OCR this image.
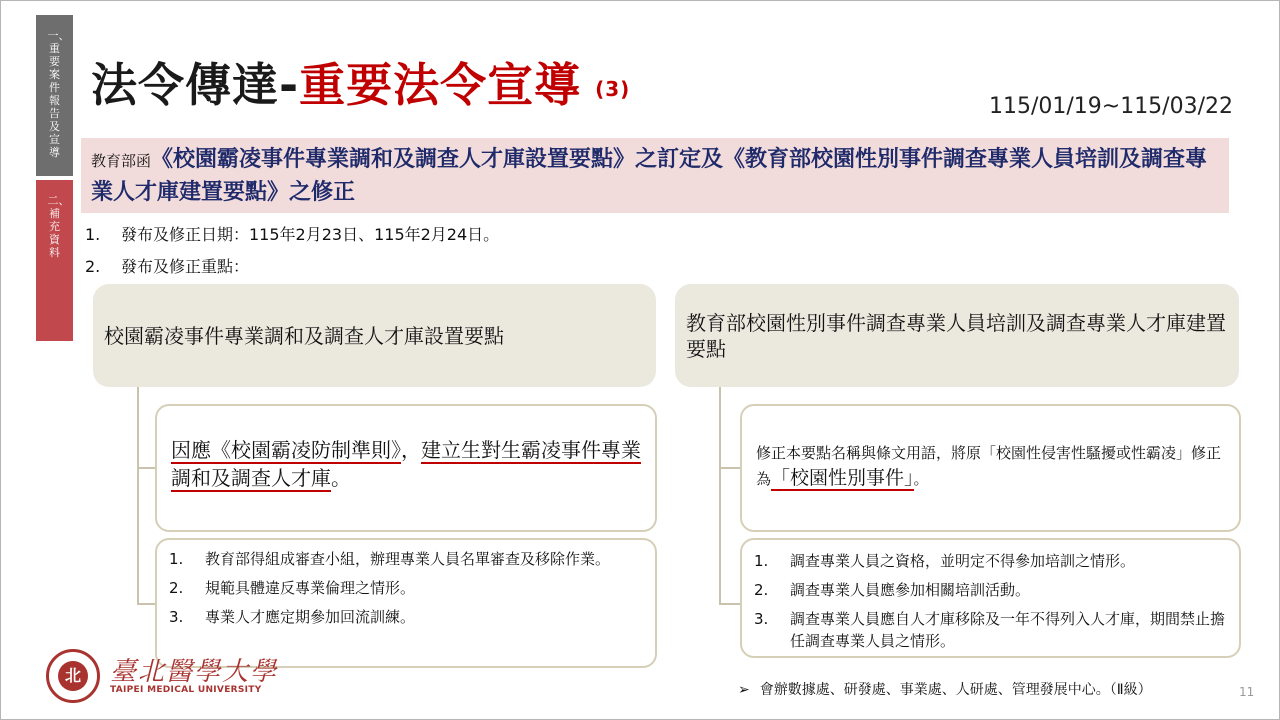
一、重要案件報告及宣導
二、補充資料
法令傳達-重要法令宣導 (3)
115/01/19~115/03/22
教育部函《校園霸凌事件專業調和及調查人才庫設置要點》之訂定及《教育部校園性別事件調查專業人員培訓及調查專業人才庫建置要點》之修正
1. 發布及修正日期：115年2月23日、115年2月24日。
2. 發布及修正重點：
校園霸凌事件專業調和及調查人才庫設置要點
教育部校園性別事件調查專業人員培訓及調查專業人才庫建置要點
因應《校園霸凌防制準則》，建立生對生霸凌事件專業調和及調查人才庫。
修正本要點名稱與條文用語，將原「校園性侵害性騷擾或性霸凌」修正為「校園性別事件」。
1.	教育部得組成審查小組，辦理專業人員名單審查及移除作業。
2.	規範具體違反專業倫理之情形。
3.	專業人才應定期參加回流訓練。
1.	調查專業人員之資格，並明定不得參加培訓之情形。
2.	調查專業人員應參加相關培訓活動。
3.	調查專業人員應自人才庫移除及一年不得列入人才庫，期間禁止擔任調查專業人員之情形。
北 臺北醫學大學
TAIPEI MEDICAL UNIVERSITY	➢ 會辦數據處、研發處、事業處、人研處、管理發展中心。（Ⅱ級）	11
